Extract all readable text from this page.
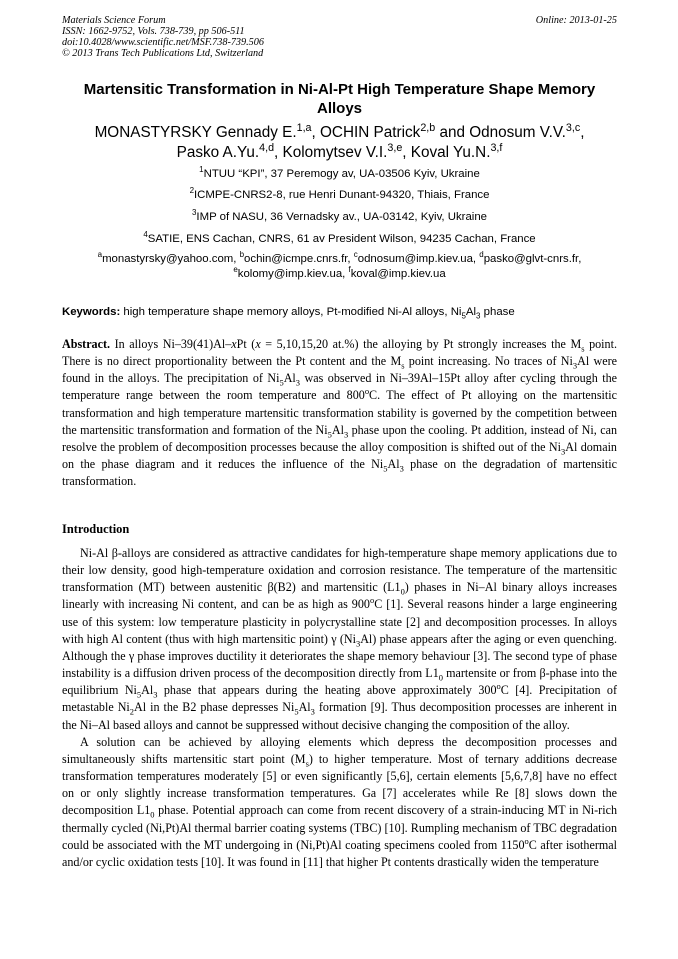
Materials Science Forum
ISSN: 1662-9752, Vols. 738-739, pp 506-511
doi:10.4028/www.scientific.net/MSF.738-739.506
© 2013 Trans Tech Publications Ltd, Switzerland
Online: 2013-01-25
Martensitic Transformation in Ni-Al-Pt High Temperature Shape Memory Alloys
MONASTYRSKY Gennady E.$^{1,a}$, OCHIN Patrick$^{2,b}$ and Odnosum V.V.$^{3,c}$,
Pasko A.Yu.$^{4,d}$, Kolomytsev V.I.$^{3,e}$, Koval Yu.N.$^{3,f}$
$^1$NTUU “KPI”, 37 Peremogy av, UA-03506 Kyiv, Ukraine
$^2$ICMPE-CNRS2-8, rue Henri Dunant-94320, Thiais, France
$^3$IMP of NASU, 36 Vernadsky av., UA-03142, Kyiv, Ukraine
$^4$SATIE, ENS Cachan, CNRS, 61 av President Wilson, 94235 Cachan, France
$^a$monastyrsky@yahoo.com, $^b$ochin@icmpe.cnrs.fr, $^c$odnosum@imp.kiev.ua, $^d$pasko@glvt-cnrs.fr,
$^e$kolomy@imp.kiev.ua, $^f$koval@imp.kiev.ua
Keywords: high temperature shape memory alloys, Pt-modified Ni-Al alloys, $Ni_5Al_3$ phase

Abstract. In alloys Ni–39(41)Al–xPt (x = 5,10,15,20 at.%) the alloying by Pt strongly increases the $M_s$ point. There is no direct proportionality between the Pt content and the $M_s$ point increasing. No traces of $Ni_3Al$ were found in the alloys. The precipitation of $Ni_5Al_3$ was observed in Ni–39Al–15Pt alloy after cycling through the temperature range between the room temperature and 800$^o$C. The effect of Pt alloying on the martensitic transformation and high temperature martensitic transformation stability is governed by the competition between the martensitic transformation and formation of the $Ni_5Al_3$ phase upon the cooling. Pt addition, instead of Ni, can resolve the problem of decomposition processes because the alloy composition is shifted out of the $Ni_3Al$ domain on the phase diagram and it reduces the influence of the $Ni_5Al_3$ phase on the degradation of martensitic transformation.

Introduction

Ni-Al β-alloys are considered as attractive candidates for high-temperature shape memory applications due to their low density, good high-temperature oxidation and corrosion resistance. The temperature of the martensitic transformation (MT) between austenitic β(B2) and martensitic $(L1_0)$ phases in Ni–Al binary alloys increases linearly with increasing Ni content, and can be as high as 900$^o$C [1]. Several reasons hinder a large engineering use of this system: low temperature plasticity in polycrystalline state [2] and decomposition processes. In alloys with high Al content (thus with high martensitic point) γ $(Ni_3Al)$ phase appears after the aging or even quenching. Although the γ phase improves ductility it deteriorates the shape memory behaviour [3]. The second type of phase instability is a diffusion driven process of the decomposition directly from $L1_0$ martensite or from β-phase into the equilibrium $Ni_5Al_3$ phase that appears during the heating above approximately 300$^o$C [4]. Precipitation of metastable $Ni_2Al$ in the B2 phase depresses $Ni_5Al_3$ formation [9]. Thus decomposition processes are inherent in the Ni–Al based alloys and cannot be suppressed without decisive changing the composition of the alloy.

A solution can be achieved by alloying elements which depress the decomposition processes and simultaneously shifts martensitic start point $(M_s)$ to higher temperature. Most of ternary additions decrease transformation temperatures moderately [5] or even significantly [5,6], certain elements [5,6,7,8] have no effect on or only slightly increase transformation temperatures. Ga [7] accelerates while Re [8] slows down the decomposition $L1_0$ phase. Potential approach can come from recent discovery of a strain-inducing MT in Ni-rich thermally cycled (Ni,Pt)Al thermal barrier coating systems (TBC) [10]. Rumpling mechanism of TBC degradation could be associated with the MT undergoing in (Ni,Pt)Al coating specimens cooled from 1150$^o$C after isothermal and/or cyclic oxidation tests [10]. It was found in [11] that higher Pt contents drastically widen the temperature
